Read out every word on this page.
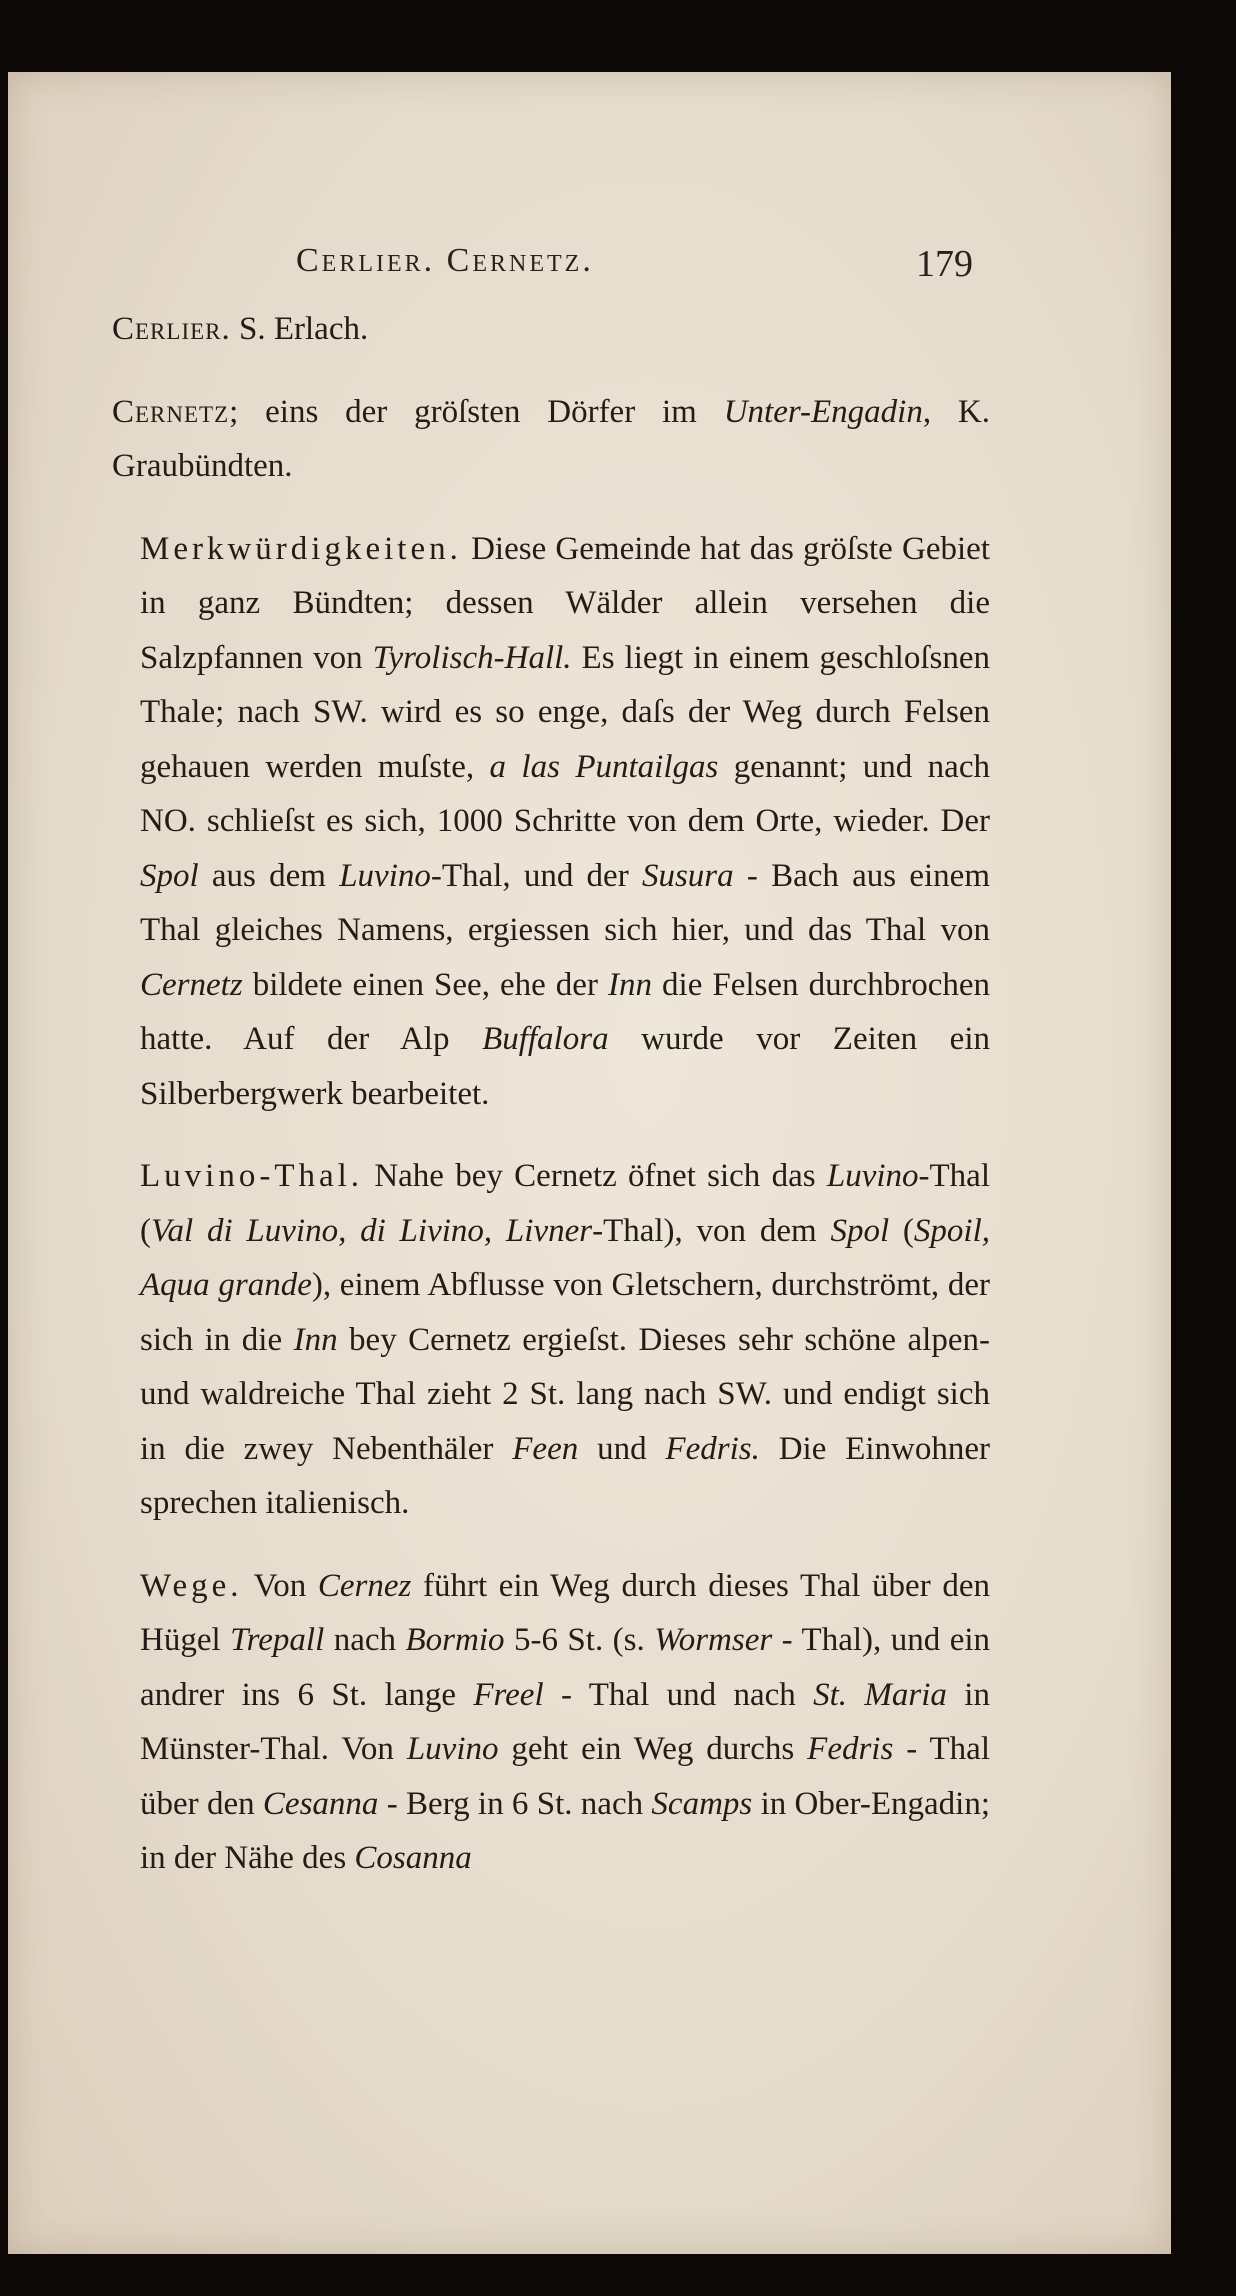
Cerlier. Cernetz.	179

Cerlier. S. Erlach.

Cernetz; eins der gröſsten Dörfer im Unter-Engadin, K. Graubündten.

Merkwürdigkeiten. Diese Gemeinde hat das gröſste Gebiet in ganz Bündten; dessen Wälder allein versehen die Salzpfannen von Tyrolisch-Hall. Es liegt in einem geschloſsnen Thale; nach SW. wird es so enge, daſs der Weg durch Felsen gehauen werden muſste, a las Puntailgas genannt; und nach NO. schlieſst es sich, 1000 Schritte von dem Orte, wieder. Der Spol aus dem Luvino-Thal, und der Susura - Bach aus einem Thal gleiches Namens, ergiessen sich hier, und das Thal von Cernetz bildete einen See, ehe der Inn die Felsen durchbrochen hatte. Auf der Alp Buffalora wurde vor Zeiten ein Silberbergwerk bearbeitet.

Luvino-Thal. Nahe bey Cernetz öfnet sich das Luvino-Thal (Val di Luvino, di Livino, Livner-Thal), von dem Spol (Spoil, Aqua grande), einem Abflusse von Gletschern, durchströmt, der sich in die Inn bey Cernetz ergieſst. Dieses sehr schöne alpen- und waldreiche Thal zieht 2 St. lang nach SW. und endigt sich in die zwey Nebenthäler Feen und Fedris. Die Einwohner sprechen italienisch.

Wege. Von Cernez führt ein Weg durch dieses Thal über den Hügel Trepall nach Bormio 5-6 St. (s. Wormser - Thal), und ein andrer ins 6 St. lange Freel - Thal und nach St. Maria in Münster-Thal. Von Luvino geht ein Weg durchs Fedris - Thal über den Cesanna - Berg in 6 St. nach Scamps in Ober-Engadin; in der Nähe des Cosanna
